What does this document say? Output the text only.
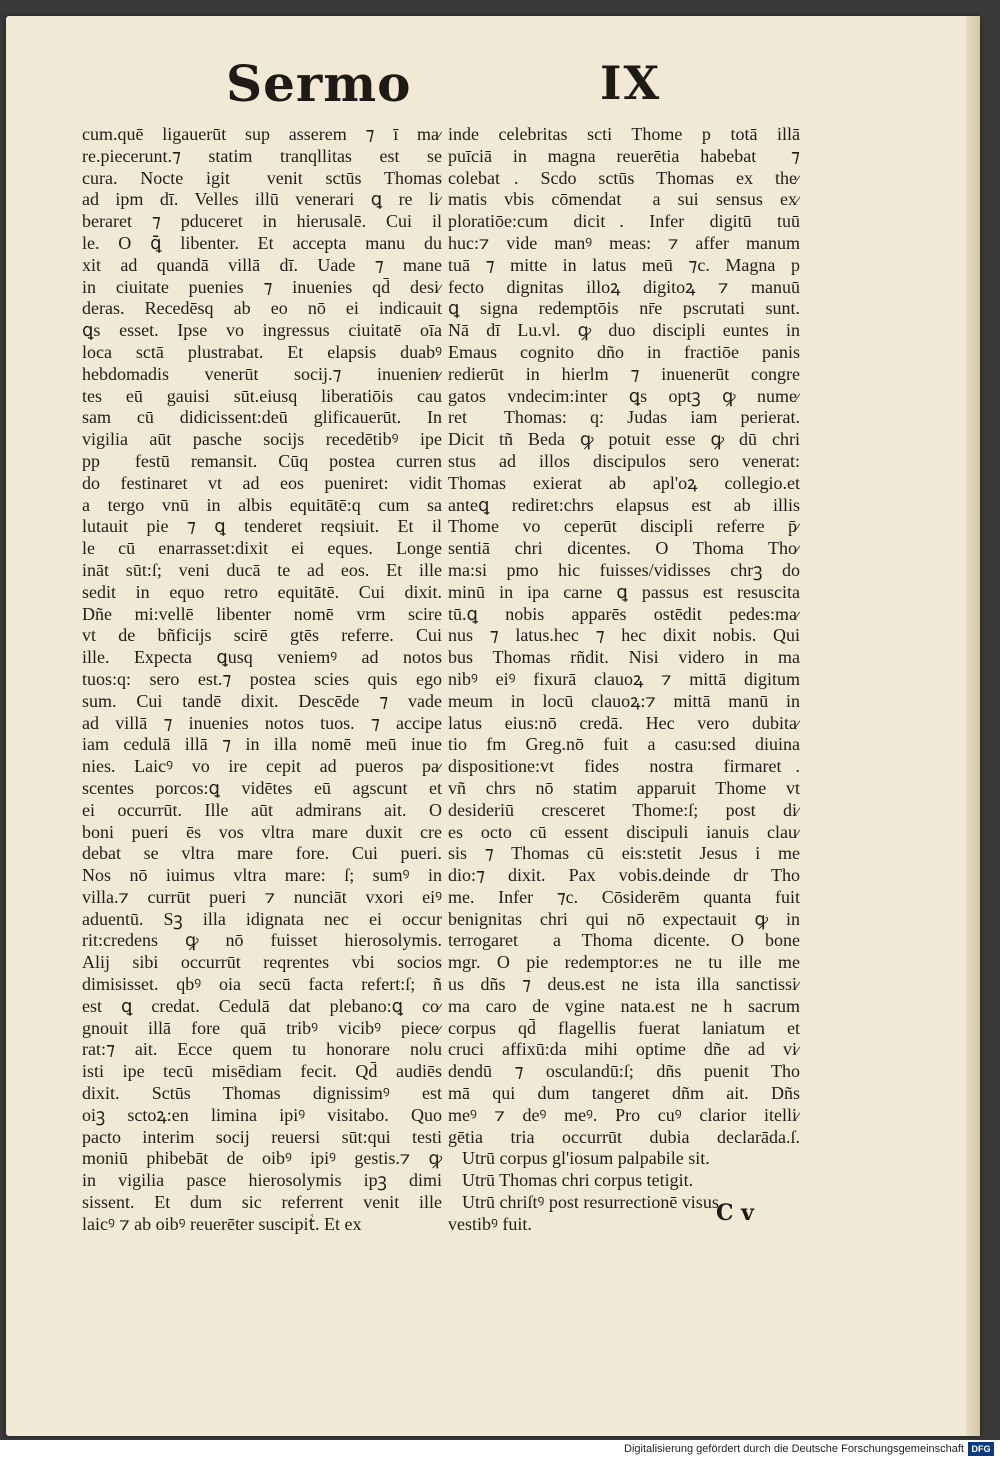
Sermo	IX
cum.quē ligauerūt sup asserem ⁊ ī ma⁄
re.piecerunt.⁊ statim tranqllitas est se
cura. Nocte igitᷣ venit sctūs Thomas
ad ipm dī. Velles illū venerari ꝗ re li⁄
beraret ⁊ pduceret in hierusalē. Cui il
le. O ꝗ̄ libenter. Et accepta manu du
xit ad quandā villā dī. Uade ⁊ mane
in ciuitate puenies ⁊ inuenies qd̄ desi⁄
deras. Recedēsq ab eo nō ei indicauit
ꝗs esset. Ipse vo ingressus ciuitatē oīa
loca sctā plustrabat. Et elapsis duabꝰ
hebdomadis venerūt socij.⁊ inuenien⁄
tes eū gauisi sūt.eiusq liberatiōis cau
sam cū didicissent:deū glificauerūt. In
vigilia aūt pasche socijs recedētibꝰ ipe
ppᷣ festū remansit. Cūq postea curren
do festinaret vt ad eos pueniret: vidit
a tergo vnū in albis equitātē:q cum sa
lutauit pie ⁊ ꝗ tenderet reqsiuit. Et il
le cū enarrasset:dixit ei eques. Longe
ināt sūt:ſ; veni ducā te ad eos. Et ille
sedit in equo retro equitātē. Cui dixit.
Dñe mi:vellē libenter nomē vrm scire
vt de bñficijs scirē gtēs referre. Cui
ille. Expecta ꝗusq veniemꝰ ad notos
tuos:q: sero est.⁊ postea scies quis ego
sum. Cui tandē dixit. Descēde ⁊ vade
ad villā ⁊ inuenies notos tuos. ⁊ accipe
iam cedulā illā ⁊ in illa nomē meū inue
nies. Laicꝰ vo ire cepit ad pueros pa⁄
scentes porcos:ꝗ vidētes eū agscunt et
ei occurrūt. Ille aūt admirans ait. O
boni pueri ēs vos vltra mare duxit cre
debat se vltra mare fore. Cui pueri.
Nos nō iuimus vltra mare: ſ; sumꝰ in
villa.⁊ currūt pueri ⁊ nunciāt vxori eiꝰ
aduentū. Sꝫ illa idignata nec ei occur
rit:credens ꝙ nō fuisset hierosolymis.
Alij sibi occurrūt reqrentes vbi socios
dimisisset. qbꝰ oia secū facta refert:ſ; ñ
est ꝗ credat. Cedulā dat plebano:ꝗ co⁄
gnouit illā fore quā tribꝰ vicibꝰ piece⁄
rat:⁊ ait. Ecce quem tu honorare nolu
isti ipe tecū misēdiam fecit. Qd̄ audiēs
dixit. Sctūs Thomas dignissimꝰ est
oiꝫ sctoꝝ:en limina ipiꝰ visitabo. Quo
pacto interim socij reuersi sūt:qui testi
moniū phibebāt de oibꝰ ipiꝰ gestis.⁊ ꝙ
in vigilia pasce hierosolymis ipꝫ dimi
sissent. Et dum sic referrent venit ille
laicꝰ ⁊ ab oibꝰ reuerēter suscipitᷣ. Et ex
inde celebritas scti Thome p totā illā
puīciā in magna reuerētia habebatᷣ ⁊
colebatᷣ. Scdo sctūs Thomas ex the⁄
matis vbis cōmendatᷣ a sui sensus ex⁄
ploratiōe:cum dicitᷣ. Infer digitū tuū
huc:⁊ vide manꝰ meas: ⁊ affer manum
tuā ⁊ mitte in latus meū ⁊c. Magna p
fecto dignitas illoꝝ digitoꝝ ⁊ manuū
ꝗ signa redemptōis nr̄e pscrutati sunt.
Nā dī Lu.vl. ꝙ duo discipli euntes in
Emaus cognito dño in fractiōe panis
redierūt in hierlm ⁊ inuenerūt congre
gatos vndecim:inter ꝗs optꝫ ꝙ nume⁄
retᷣ Thomas: q: Judas iam perierat.
Dicit tñ Beda ꝙ potuit esse ꝙ dū chri
stus ad illos discipulos sero venerat:
Thomas exierat ab apl'oꝝ collegio.et
anteꝗ rediret:chrs elapsus est ab illis
Thome vo ceperūt discipli referre p̄⁄
sentiā chri dicentes. O Thoma Tho⁄
ma:si pmo hic fuisses/vidisses chrꝫ do
minū in ipa carne ꝗ passus est resuscita
tū.ꝗ nobis apparēs ostēdit pedes:ma⁄
nus ⁊ latus.hec ⁊ hec dixit nobis. Qui
bus Thomas rñdit. Nisi videro in ma
nibꝰ eiꝰ fixurā clauoꝝ ⁊ mittā digitum
meum in locū clauoꝝ:⁊ mittā manū in
latus eius:nō credā. Hec vero dubita⁄
tio fm Greg.nō fuit a casu:sed diuina
dispositione:vt fides nostra firmaretᷣ.
vñ chrs nō statim apparuit Thome vt
desideriū cresceret Thome:ſ; post di⁄
es octo cū essent discipuli ianuis clau⁄
sis ⁊ Thomas cū eis:stetit Jesus i me
dio:⁊ dixit. Pax vobis.deinde dr Tho
me. Infer ⁊c. Cōsiderēm quanta fuit
benignitas chri qui nō expectauit ꝙ in
terrogaretᷣ a Thoma dicente. O bone
mgr. O pie redemptor:es ne tu ille me
us dñs ⁊ deus.est ne ista illa sanctissi⁄
ma caro de vgine nata.est ne h sacrum
corpus qd̄ flagellis fuerat laniatum et
cruci affixū:da mihi optime dñe ad vi⁄
dendū ⁊ osculandū:ſ; dñs puenit Tho
mā qui dum tangeret dñm ait. Dñs
meꝰ ⁊ deꝰ meꝰ. Pro cuꝰ clarior itelli⁄
gētia tria occurrūt dubia declarāda.ſ.
Utrū corpus gl'iosum palpabile sit.
Utrū Thomas chri corpus tetigit.
Utrū chriſtꝰ post resurrectionē visus
vestibꝰ fuit.	C v
Digitalisierung gefördert durch die Deutsche Forschungsgemeinschaft DFG
